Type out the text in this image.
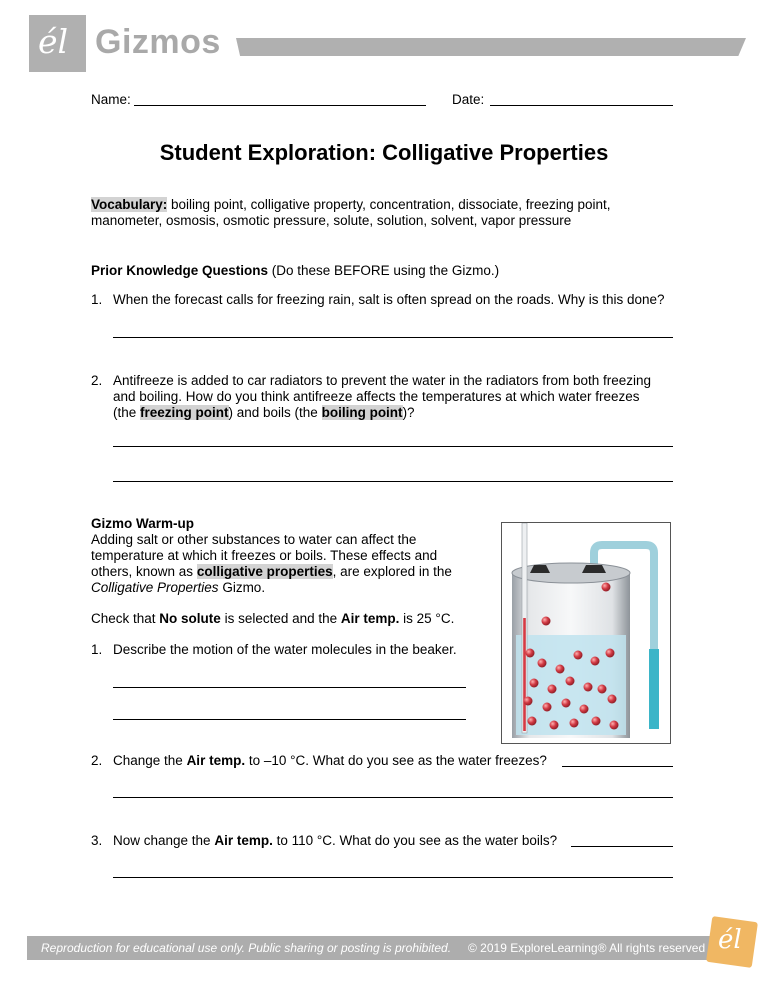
él Gizmos
Name:	Date:
Student Exploration: Colligative Properties
Vocabulary: boiling point, colligative property, concentration, dissociate, freezing point,
manometer, osmosis, osmotic pressure, solute, solution, solvent, vapor pressure
Prior Knowledge Questions (Do these BEFORE using the Gizmo.)
1. When the forecast calls for freezing rain, salt is often spread on the roads. Why is this done?
2. Antifreeze is added to car radiators to prevent the water in the radiators from both freezing
and boiling. How do you think antifreeze affects the temperatures at which water freezes
(the freezing point) and boils (the boiling point)?
Gizmo Warm-up
Adding salt or other substances to water can affect the
temperature at which it freezes or boils. These effects and
others, known as colligative properties, are explored in the
Colligative Properties Gizmo.
Check that No solute is selected and the Air temp. is 25 °C.
1. Describe the motion of the water molecules in the beaker.
2. Change the Air temp. to –10 °C. What do you see as the water freezes?
3. Now change the Air temp. to 110 °C. What do you see as the water boils?
Reproduction for educational use only. Public sharing or posting is prohibited. © 2019 ExploreLearning® All rights reserved él
